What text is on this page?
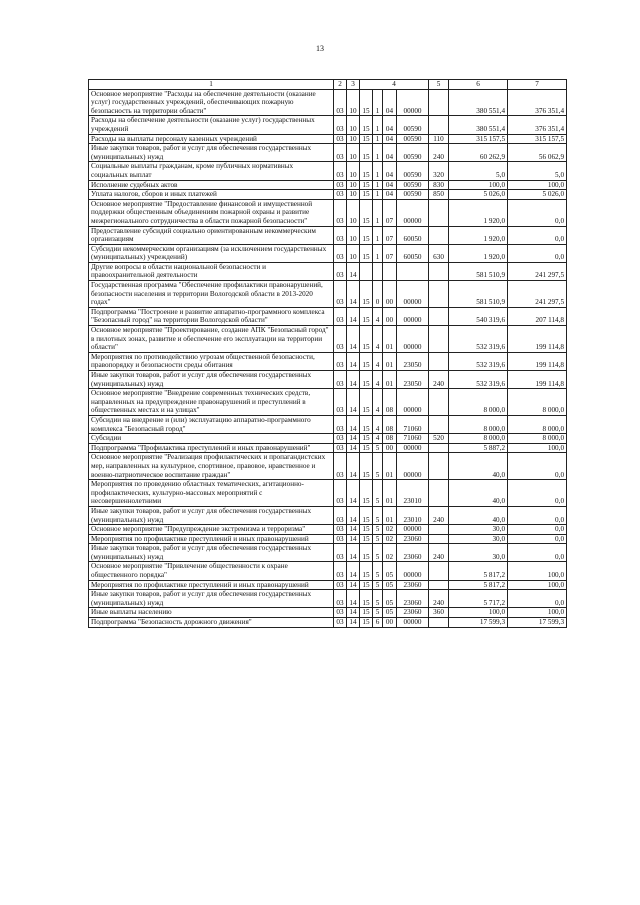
13
1	2	3	4				5	6	7
Основное мероприятие "Расходы на обеспечение деятельности (оказание услуг) государственных учреждений, обеспечивающих пожарную безопасность на территории области"	03	10	15	1	04	00000		380 551,4	376 351,4
Расходы на обеспечение деятельности (оказание услуг) государственных учреждений	03	10	15	1	04	00590		380 551,4	376 351,4
Расходы на выплаты персоналу казенных учреждений	03	10	15	1	04	00590	110	315 157,5	315 157,5
Иные закупки товаров, работ и услуг для обеспечения государственных (муниципальных) нужд	03	10	15	1	04	00590	240	60 262,9	56 062,9
Социальные выплаты гражданам, кроме публичных нормативных социальных выплат	03	10	15	1	04	00590	320	5,0	5,0
Исполнение судебных актов	03	10	15	1	04	00590	830	100,0	100,0
Уплата налогов, сборов и иных платежей	03	10	15	1	04	00590	850	5 026,0	5 026,0
Основное мероприятие "Предоставление финансовой и имущественной поддержки общественным объединениям пожарной охраны и развитие межрегионального сотрудничества в области пожарной безопасности"	03	10	15	1	07	00000		1 920,0	0,0
Предоставление субсидий социально ориентированным некоммерческим организациям	03	10	15	1	07	60050		1 920,0	0,0
Субсидии некоммерческим организациям (за исключением государственных (муниципальных) учреждений)	03	10	15	1	07	60050	630	1 920,0	0,0
Другие вопросы в области национальной безопасности и правоохранительной деятельности	03	14						581 510,9	241 297,5
Государственная программа "Обеспечение профилактики правонарушений, безопасности населения и территории Вологодской области в 2013-2020 годах"	03	14	15	0	00	00000		581 510,9	241 297,5
Подпрограмма "Построение и развитие аппаратно-программного комплекса "Безопасный город" на территории Вологодской области"	03	14	15	4	00	00000		540 319,6	207 114,8
Основное мероприятие "Проектирование, создание АПК "Безопасный город" в пилотных зонах, развитие и обеспечение его эксплуатации на территории области"	03	14	15	4	01	00000		532 319,6	199 114,8
Мероприятия по противодействию угрозам общественной безопасности, правопорядку и безопасности среды обитания	03	14	15	4	01	23050		532 319,6	199 114,8
Иные закупки товаров, работ и услуг для обеспечения государственных (муниципальных) нужд	03	14	15	4	01	23050	240	532 319,6	199 114,8
Основное мероприятие "Внедрение современных технических средств, направленных на предупреждение правонарушений и преступлений в общественных местах и на улицах"	03	14	15	4	08	00000		8 000,0	8 000,0
Субсидии на внедрение и (или) эксплуатацию аппаратно-программного комплекса "Безопасный город"	03	14	15	4	08	71060		8 000,0	8 000,0
Субсидии	03	14	15	4	08	71060	520	8 000,0	8 000,0
Подпрограмма "Профилактика преступлений и иных правонарушений"	03	14	15	5	00	00000		5 887,2	100,0
Основное мероприятие "Реализация профилактических и пропагандистских мер, направленных на культурное, спортивное, правовое, нравственное и военно-патриотическое воспитание граждан"	03	14	15	5	01	00000		40,0	0,0
Мероприятия по проведению областных тематических, агитационно-профилактических, культурно-массовых мероприятий с несовершеннолетними	03	14	15	5	01	23010		40,0	0,0
Иные закупки товаров, работ и услуг для обеспечения государственных (муниципальных) нужд	03	14	15	5	01	23010	240	40,0	0,0
Основное мероприятие "Предупреждение экстремизма и терроризма"	03	14	15	5	02	00000		30,0	0,0
Мероприятия по профилактике преступлений и иных правонарушений	03	14	15	5	02	23060		30,0	0,0
Иные закупки товаров, работ и услуг для обеспечения государственных (муниципальных) нужд	03	14	15	5	02	23060	240	30,0	0,0
Основное мероприятие "Привлечение общественности к охране общественного порядка"	03	14	15	5	05	00000		5 817,2	100,0
Мероприятия по профилактике преступлений и иных правонарушений	03	14	15	5	05	23060		5 817,2	100,0
Иные закупки товаров, работ и услуг для обеспечения государственных (муниципальных) нужд	03	14	15	5	05	23060	240	5 717,2	0,0
Иные выплаты населению	03	14	15	5	05	23060	360	100,0	100,0
Подпрограмма "Безопасность дорожного движения"	03	14	15	6	00	00000		17 599,3	17 599,3
